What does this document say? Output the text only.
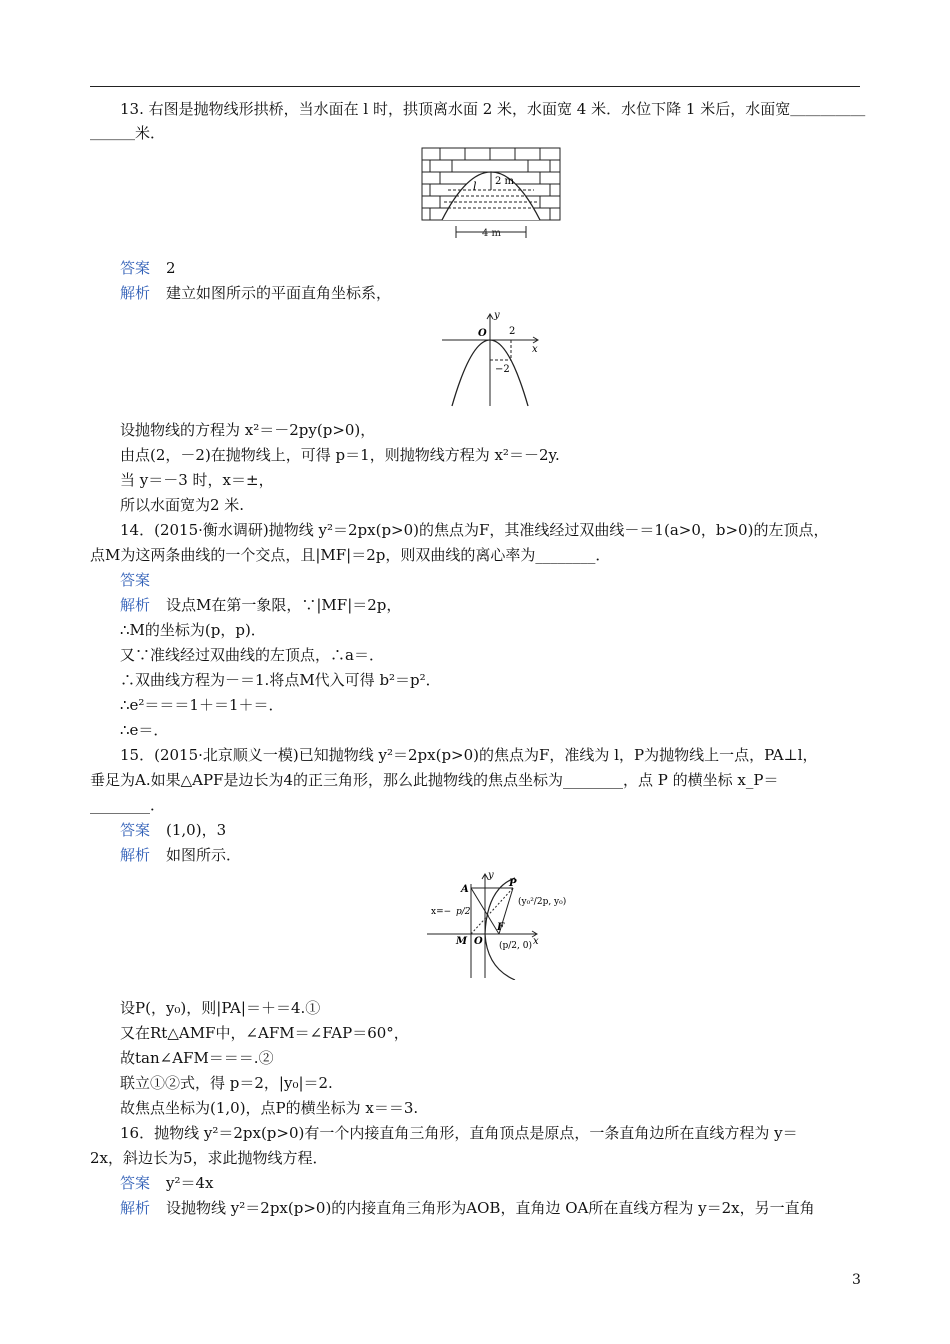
13. 右图是抛物线形拱桥，当水面在 l 时，拱顶离水面 2 米，水面宽 4 米．水位下降 1 米后，水面宽＿＿＿＿＿
＿＿＿米．
l 2 m
4 m
答案 2
解析 建立如图所示的平面直角坐标系，
y
O
x
2
−2
设抛物线的方程为 x²＝－2py(p>0)，
由点(2，－2)在抛物线上，可得 p＝1，则抛物线方程为 x²＝－2y.
当 y＝－3 时，x＝±，
所以水面宽为2 米.
14．(2015·衡水调研)抛物线 y²＝2px(p>0)的焦点为F，其准线经过双曲线－＝1(a>0，b>0)的左顶点，
点M为这两条曲线的一个交点，且|MF|＝2p，则双曲线的离心率为________．
答案
解析 设点M在第一象限，∵|MF|＝2p，
∴M的坐标为(p，p)．
又∵准线经过双曲线的左顶点，∴a＝．
∴双曲线方程为－＝1.将点M代入可得 b²＝p²．
∴e²＝＝＝1＋＝1＋＝．
∴e＝．
15．(2015·北京顺义一模)已知抛物线 y²＝2px(p>0)的焦点为F，准线为 l，P为抛物线上一点，PA⊥l，
垂足为A.如果△APF是边长为4的正三角形，那么此抛物线的焦点坐标为________，点 P 的横坐标 x_P＝
________．
答案 (1,0)，3
解析 如图所示．
y
A
P
(y₀²/2p, y₀)
x=− p/2
M O
F
x
(p/2, 0)
设P(，y₀)，则|PA|＝＋＝4.①
又在Rt△AMF中，∠AFM＝∠FAP＝60°，
故tan∠AFM＝＝＝.②
联立①②式，得 p＝2，|y₀|＝2.
故焦点坐标为(1,0)，点P的横坐标为 x＝＝3.
16．抛物线 y²＝2px(p>0)有一个内接直角三角形，直角顶点是原点，一条直角边所在直线方程为 y＝
2x，斜边长为5，求此抛物线方程．
答案 y²＝4x
解析 设抛物线 y²＝2px(p>0)的内接直角三角形为AOB，直角边 OA所在直线方程为 y＝2x，另一直角
3
